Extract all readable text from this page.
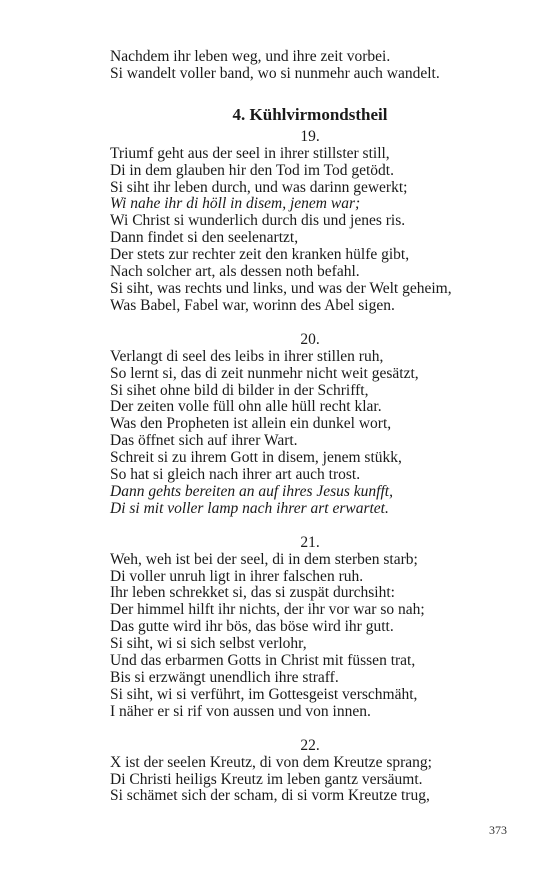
Nachdem ihr leben weg, und ihre zeit vorbei.
Si wandelt voller band, wo si nunmehr auch wandelt.
4. Kühlvirmondstheil
19.
Triumf geht aus der seel in ihrer stillster still,
Di in dem glauben hir den Tod im Tod getödt.
Si siht ihr leben durch, und was darinn gewerkt;
Wi nahe ihr di höll in disem, jenem war;
Wi Christ si wunderlich durch dis und jenes ris.
Dann findet si den seelenartzt,
Der stets zur rechter zeit den kranken hülfe gibt,
Nach solcher art, als dessen noth befahl.
Si siht, was rechts und links, und was der Welt geheim,
Was Babel, Fabel war, worinn des Abel sigen.
20.
Verlangt di seel des leibs in ihrer stillen ruh,
So lernt si, das di zeit nunmehr nicht weit gesätzt,
Si sihet ohne bild di bilder in der Schrifft,
Der zeiten volle füll ohn alle hüll recht klar.
Was den Propheten ist allein ein dunkel wort,
Das öffnet sich auf ihrer Wart.
Schreit si zu ihrem Gott in disem, jenem stükk,
So hat si gleich nach ihrer art auch trost.
Dann gehts bereiten an auf ihres Jesus kunfft,
Di si mit voller lamp nach ihrer art erwartet.
21.
Weh, weh ist bei der seel, di in dem sterben starb;
Di voller unruh ligt in ihrer falschen ruh.
Ihr leben schrekket si, das si zuspät durchsiht:
Der himmel hilft ihr nichts, der ihr vor war so nah;
Das gutte wird ihr bös, das böse wird ihr gutt.
Si siht, wi si sich selbst verlohr,
Und das erbarmen Gotts in Christ mit füssen trat,
Bis si erzwängt unendlich ihre straff.
Si siht, wi si verführt, im Gottesgeist verschmäht,
I näher er si rif von aussen und von innen.
22.
X ist der seelen Kreutz, di von dem Kreutze sprang;
Di Christi heiligs Kreutz im leben gantz versäumt.
Si schämet sich der scham, di si vorm Kreutze trug,
373
